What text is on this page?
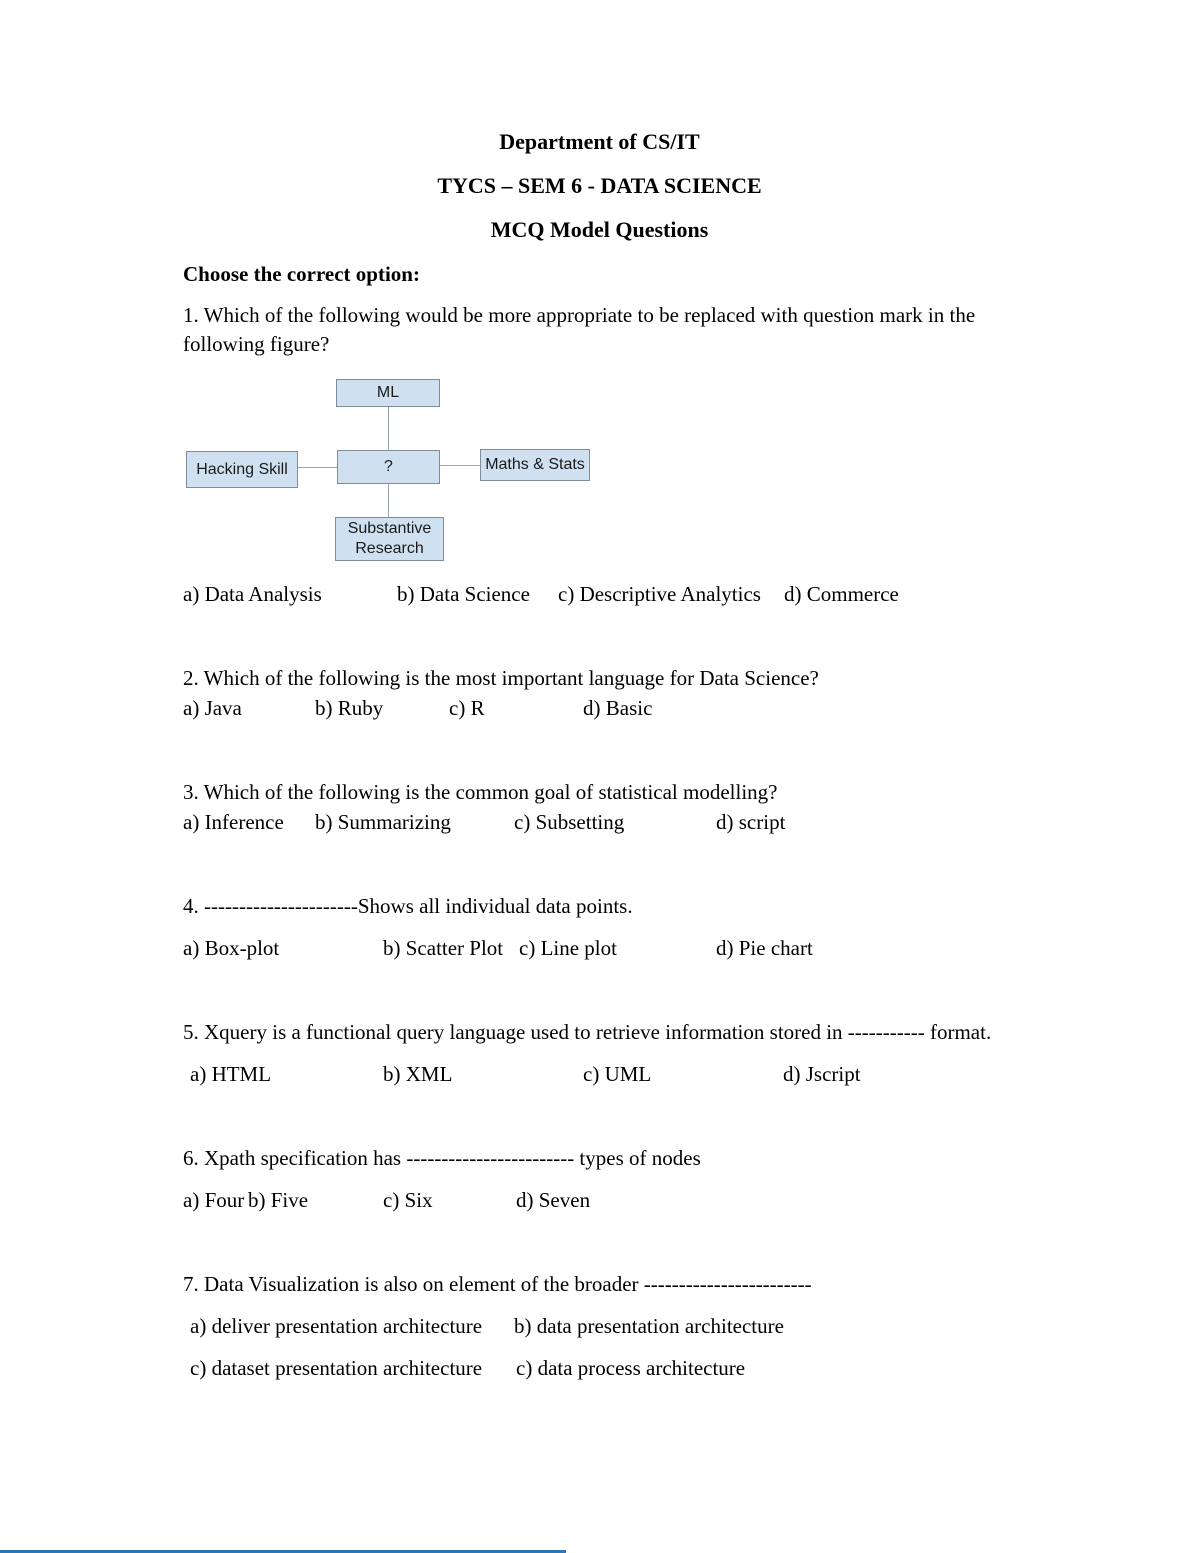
Department of CS/IT

TYCS – SEM 6 - DATA SCIENCE

MCQ Model Questions

Choose the correct option:

1. Which of the following would be more appropriate to be replaced with question mark in the following figure?

ML
Hacking Skill	?	Maths & Stats
Substantive Research
a) Data Analysis	b) Data Science c) Descriptive Analytics d) Commerce

2. Which of the following is the most important language for Data Science?

a) Java	b) Ruby	c) R	d) Basic

3. Which of the following is the common goal of statistical modelling?

a) Inference b) Summarizing	c) Subsetting	d) script

4. ----------------------Shows all individual data points.

a) Box-plot	b) Scatter Plot c) Line plot	d) Pie chart

5. Xquery is a functional query language used to retrieve information stored in ----------- format.

a) HTML	b) XML	c) UML	d) Jscript

6. Xpath specification has ------------------------ types of nodes

a) Four b) Five	c) Six	d) Seven

7. Data Visualization is also on element of the broader ------------------------

a) deliver presentation architecture b) data presentation architecture
c) dataset presentation architecture c) data process architecture
